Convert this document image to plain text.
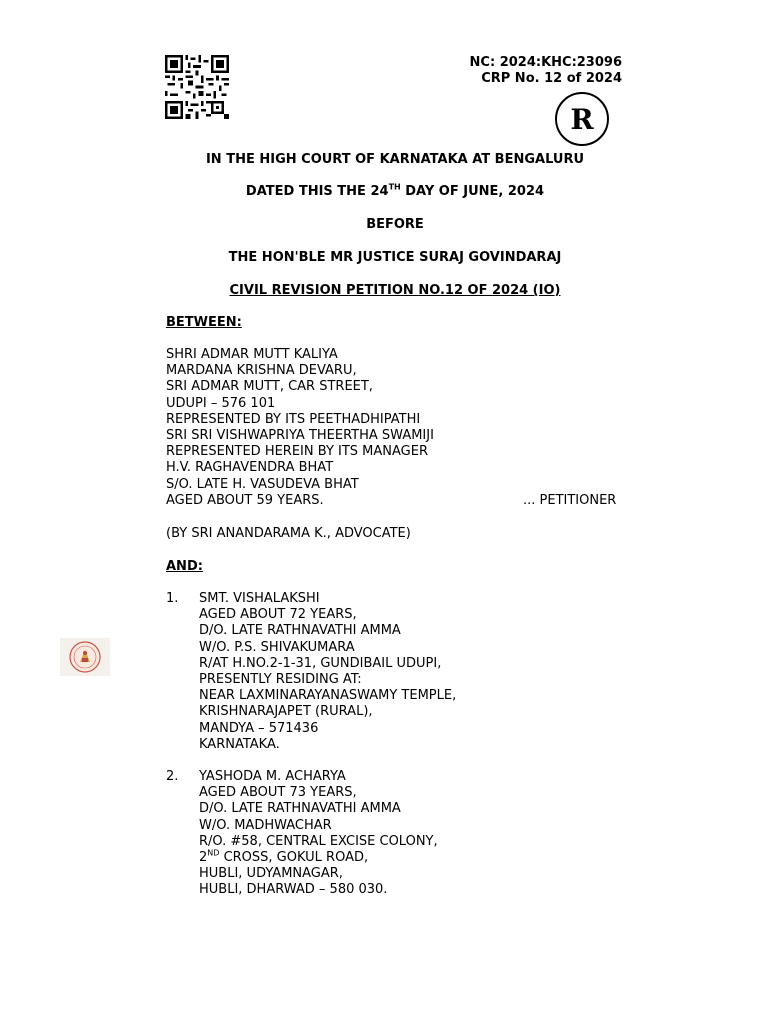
NC: 2024:KHC:23096
CRP No. 12 of 2024
R
IN THE HIGH COURT OF KARNATAKA AT BENGALURU
DATED THIS THE 24TH DAY OF JUNE, 2024
BEFORE
THE HON'BLE MR JUSTICE SURAJ GOVINDARAJ
CIVIL REVISION PETITION NO.12 OF 2024 (IO)
BETWEEN:
SHRI ADMAR MUTT KALIYA
MARDANA KRISHNA DEVARU,
SRI ADMAR MUTT, CAR STREET,
UDUPI – 576 101
REPRESENTED BY ITS PEETHADHIPATHI
SRI SRI VISHWAPRIYA THEERTHA SWAMIJI
REPRESENTED HEREIN BY ITS MANAGER
H.V. RAGHAVENDRA BHAT
S/O. LATE H. VASUDEVA BHAT
AGED ABOUT 59 YEARS.	... PETITIONER
(BY SRI ANANDARAMA K., ADVOCATE)
AND:
1. SMT. VISHALAKSHI
AGED ABOUT 72 YEARS,
D/O. LATE RATHNAVATHI AMMA
W/O. P.S. SHIVAKUMARA
R/AT H.NO.2-1-31, GUNDIBAIL UDUPI,
PRESENTLY RESIDING AT:
NEAR LAXMINARAYANASWAMY TEMPLE,
KRISHNARAJAPET (RURAL),
MANDYA – 571436
KARNATAKA.
2. YASHODA M. ACHARYA
AGED ABOUT 73 YEARS,
D/O. LATE RATHNAVATHI AMMA
W/O. MADHWACHAR
R/O. #58, CENTRAL EXCISE COLONY,
2ND CROSS, GOKUL ROAD,
HUBLI, UDYAMNAGAR,
HUBLI, DHARWAD – 580 030.
